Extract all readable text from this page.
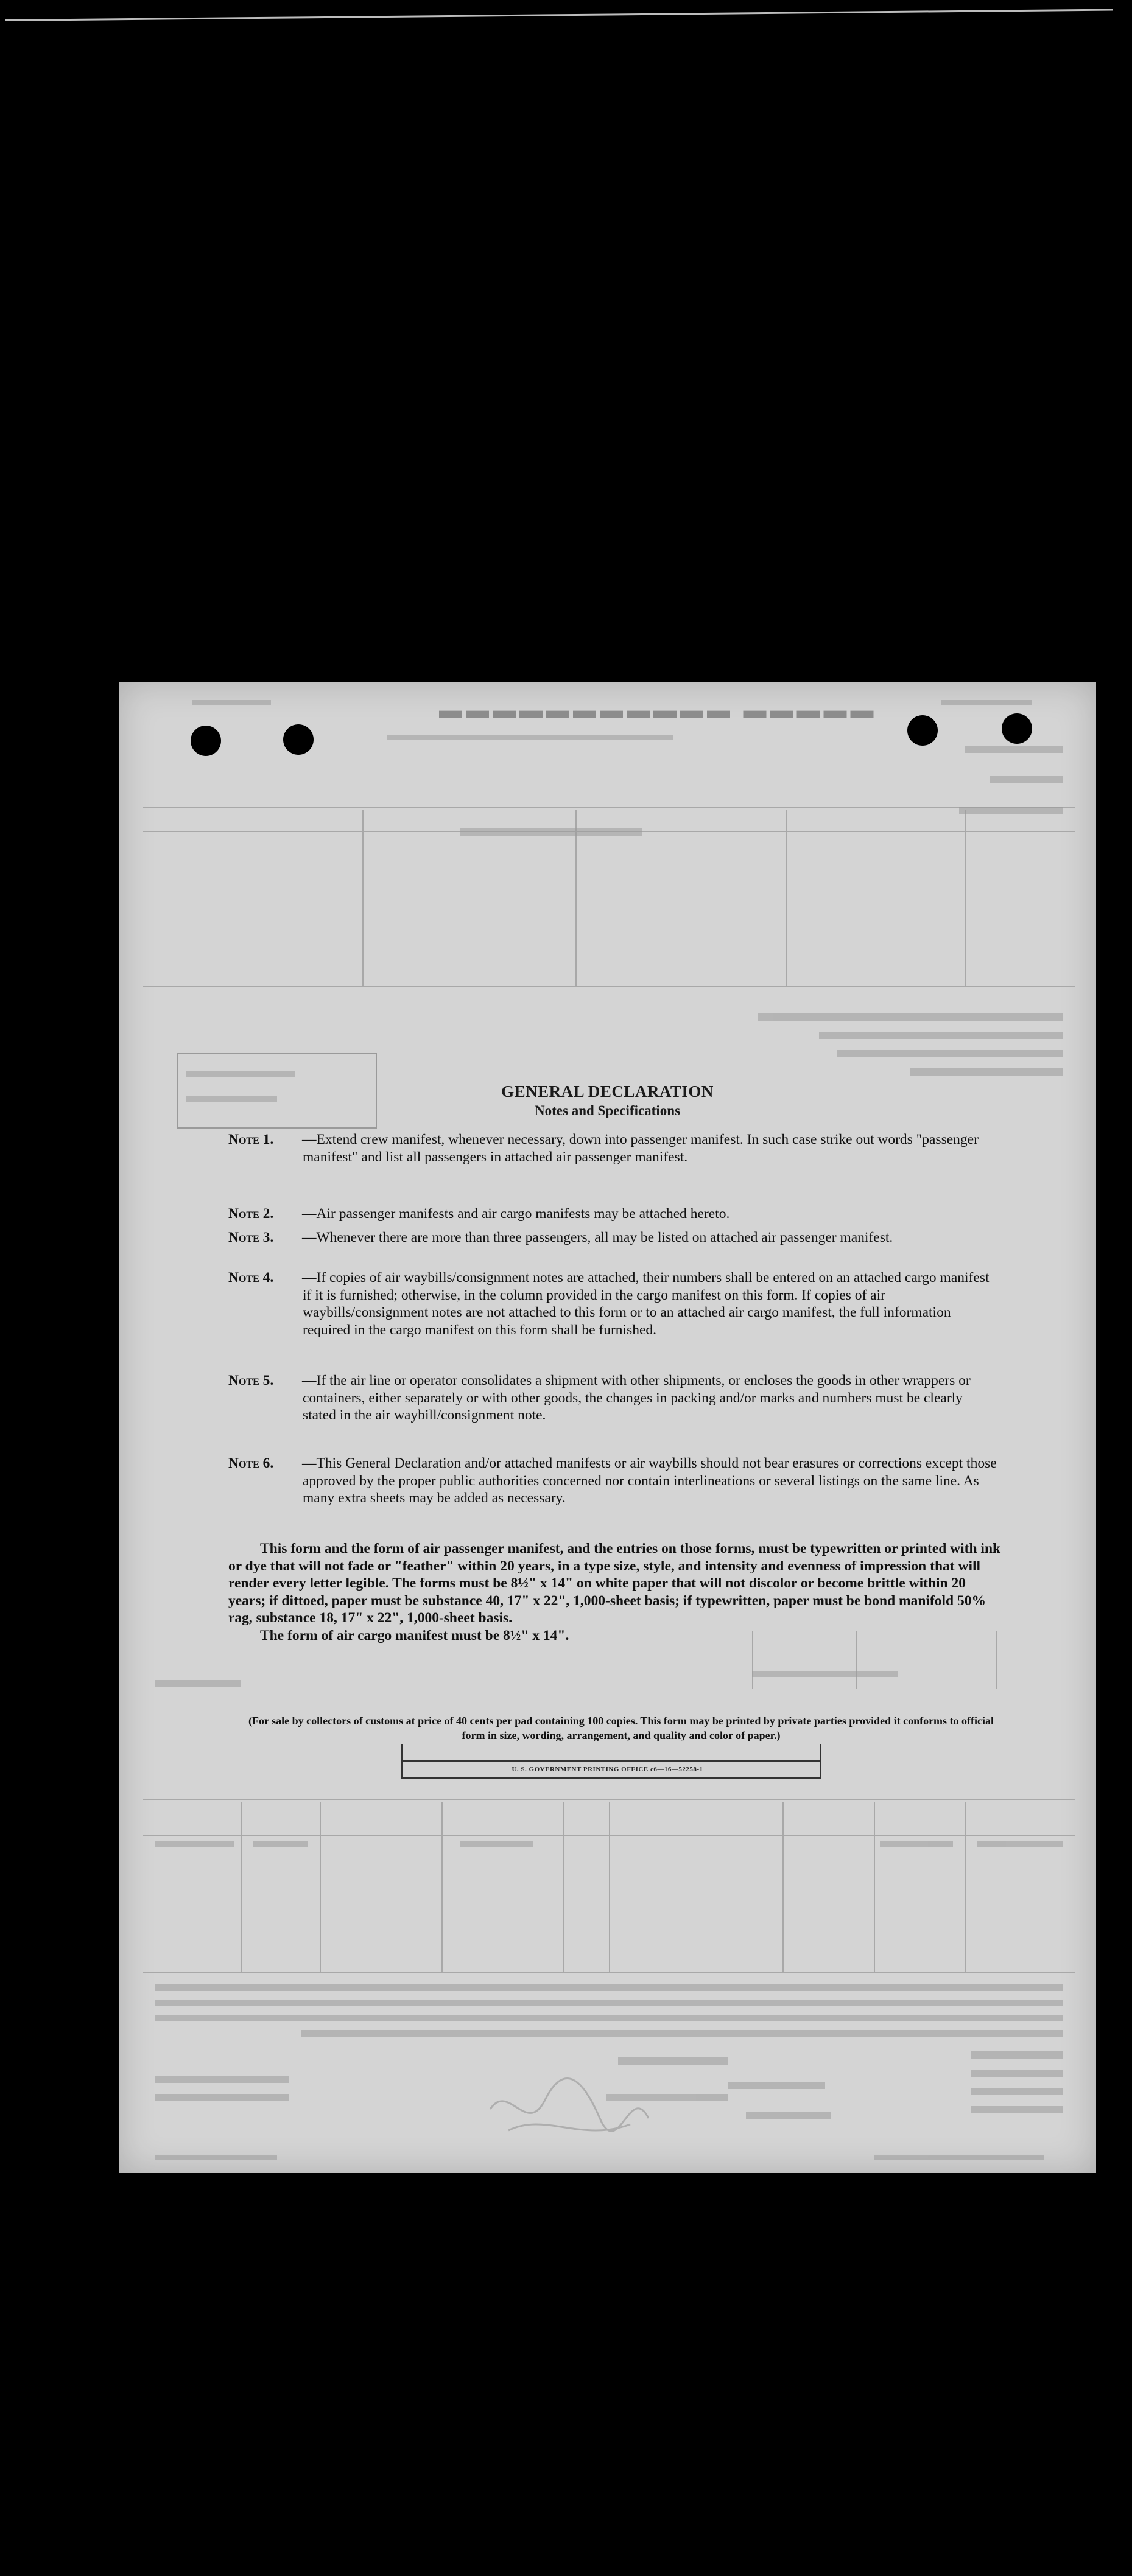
▬▬▬▬▬ ▬▬▬▬▬▬▬▬▬▬▬
GENERAL DECLARATION
Notes and Specifications
Note 1.	—Extend crew manifest, whenever necessary, down into passenger manifest. In such case strike out words "passenger manifest" and list all passengers in attached air passenger manifest.
Note 2.	—Air passenger manifests and air cargo manifests may be attached hereto.
Note 3.	—Whenever there are more than three passengers, all may be listed on attached air passenger manifest.
Note 4.	—If copies of air waybills/consignment notes are attached, their numbers shall be entered on an attached cargo manifest if it is furnished; otherwise, in the column provided in the cargo manifest on this form. If copies of air waybills/consignment notes are not attached to this form or to an attached air cargo manifest, the full information required in the cargo manifest on this form shall be furnished.
Note 5.	—If the air line or operator consolidates a shipment with other shipments, or encloses the goods in other wrappers or containers, either separately or with other goods, the changes in packing and/or marks and numbers must be clearly stated in the air waybill/consignment note.
Note 6.	—This General Declaration and/or attached manifests or air waybills should not bear erasures or corrections except those approved by the proper public authorities concerned nor contain interlineations or several listings on the same line. As many extra sheets may be added as necessary.

This form and the form of air passenger manifest, and the entries on those forms, must be typewritten or printed with ink or dye that will not fade or "feather" within 20 years, in a type size, style, and intensity and evenness of impression that will render every letter legible. The forms must be 8½" x 14" on white paper that will not discolor or become brittle within 20 years; if dittoed, paper must be substance 40, 17" x 22", 1,000-sheet basis; if typewritten, paper must be bond manifold 50% rag, substance 18, 17" x 22", 1,000-sheet basis.

The form of air cargo manifest must be 8½" x 14".

(For sale by collectors of customs at price of 40 cents per pad containing 100 copies. This form may be printed by private parties provided it conforms to official form in size, wording, arrangement, and quality and color of paper.)
U. S. GOVERNMENT PRINTING OFFICE c6—16—52258-1
